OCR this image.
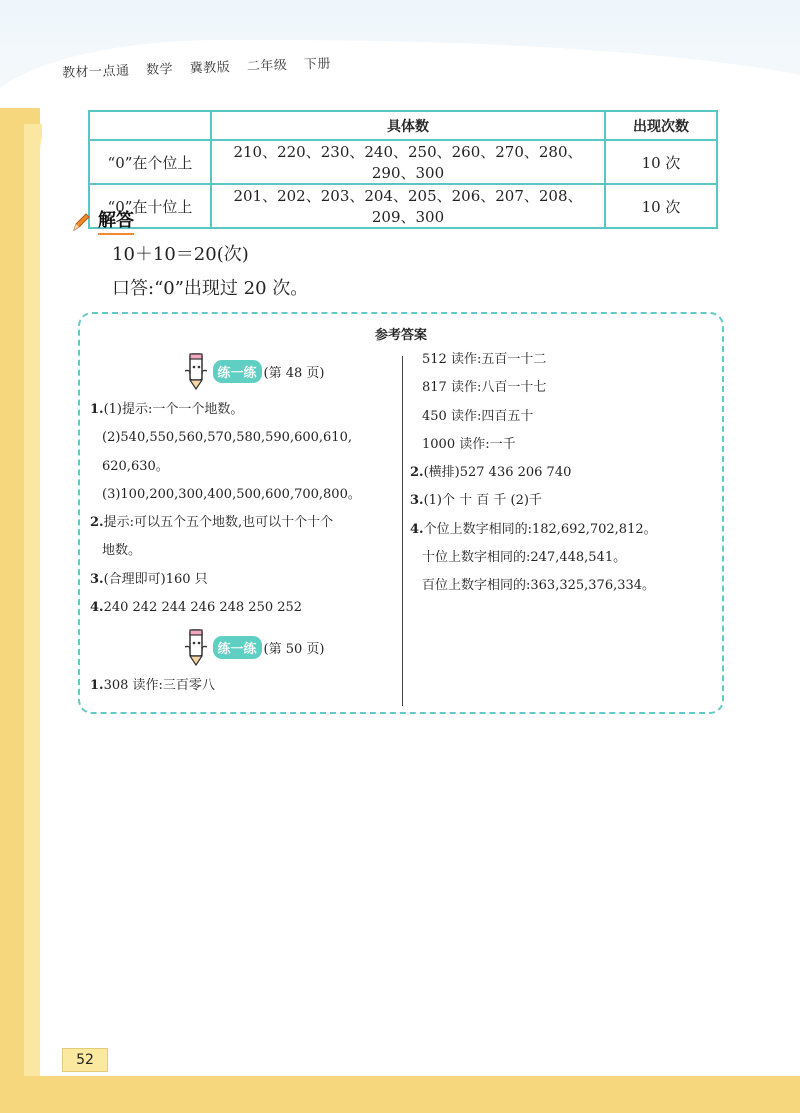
教材一点通 数学 冀教版 二年级 下册
	具体数	出现次数
“0”在个位上	210、220、230、240、250、260、270、280、290、300	10 次
“0”在十位上	201、202、203、204、205、206、207、208、209、300	10 次
解答
10＋10＝20(次)
口答:“0”出现过 20 次。
参考答案
练一练 (第 48 页)
1.(1)提示:一个一个地数。
(2)540,550,560,570,580,590,600,610,
620,630。
(3)100,200,300,400,500,600,700,800。
2.提示:可以五个五个地数,也可以十个十个
地数。
3.(合理即可)160 只
4.240 242 244 246 248 250 252
练一练 (第 50 页)
1.308 读作:三百零八
512 读作:五百一十二
817 读作:八百一十七
450 读作:四百五十
1000 读作:一千
2.(横排)527 436 206 740
3.(1)个 十 百 千 (2)千
4.个位上数字相同的:182,692,702,812。
十位上数字相同的:247,448,541。
百位上数字相同的:363,325,376,334。
52
